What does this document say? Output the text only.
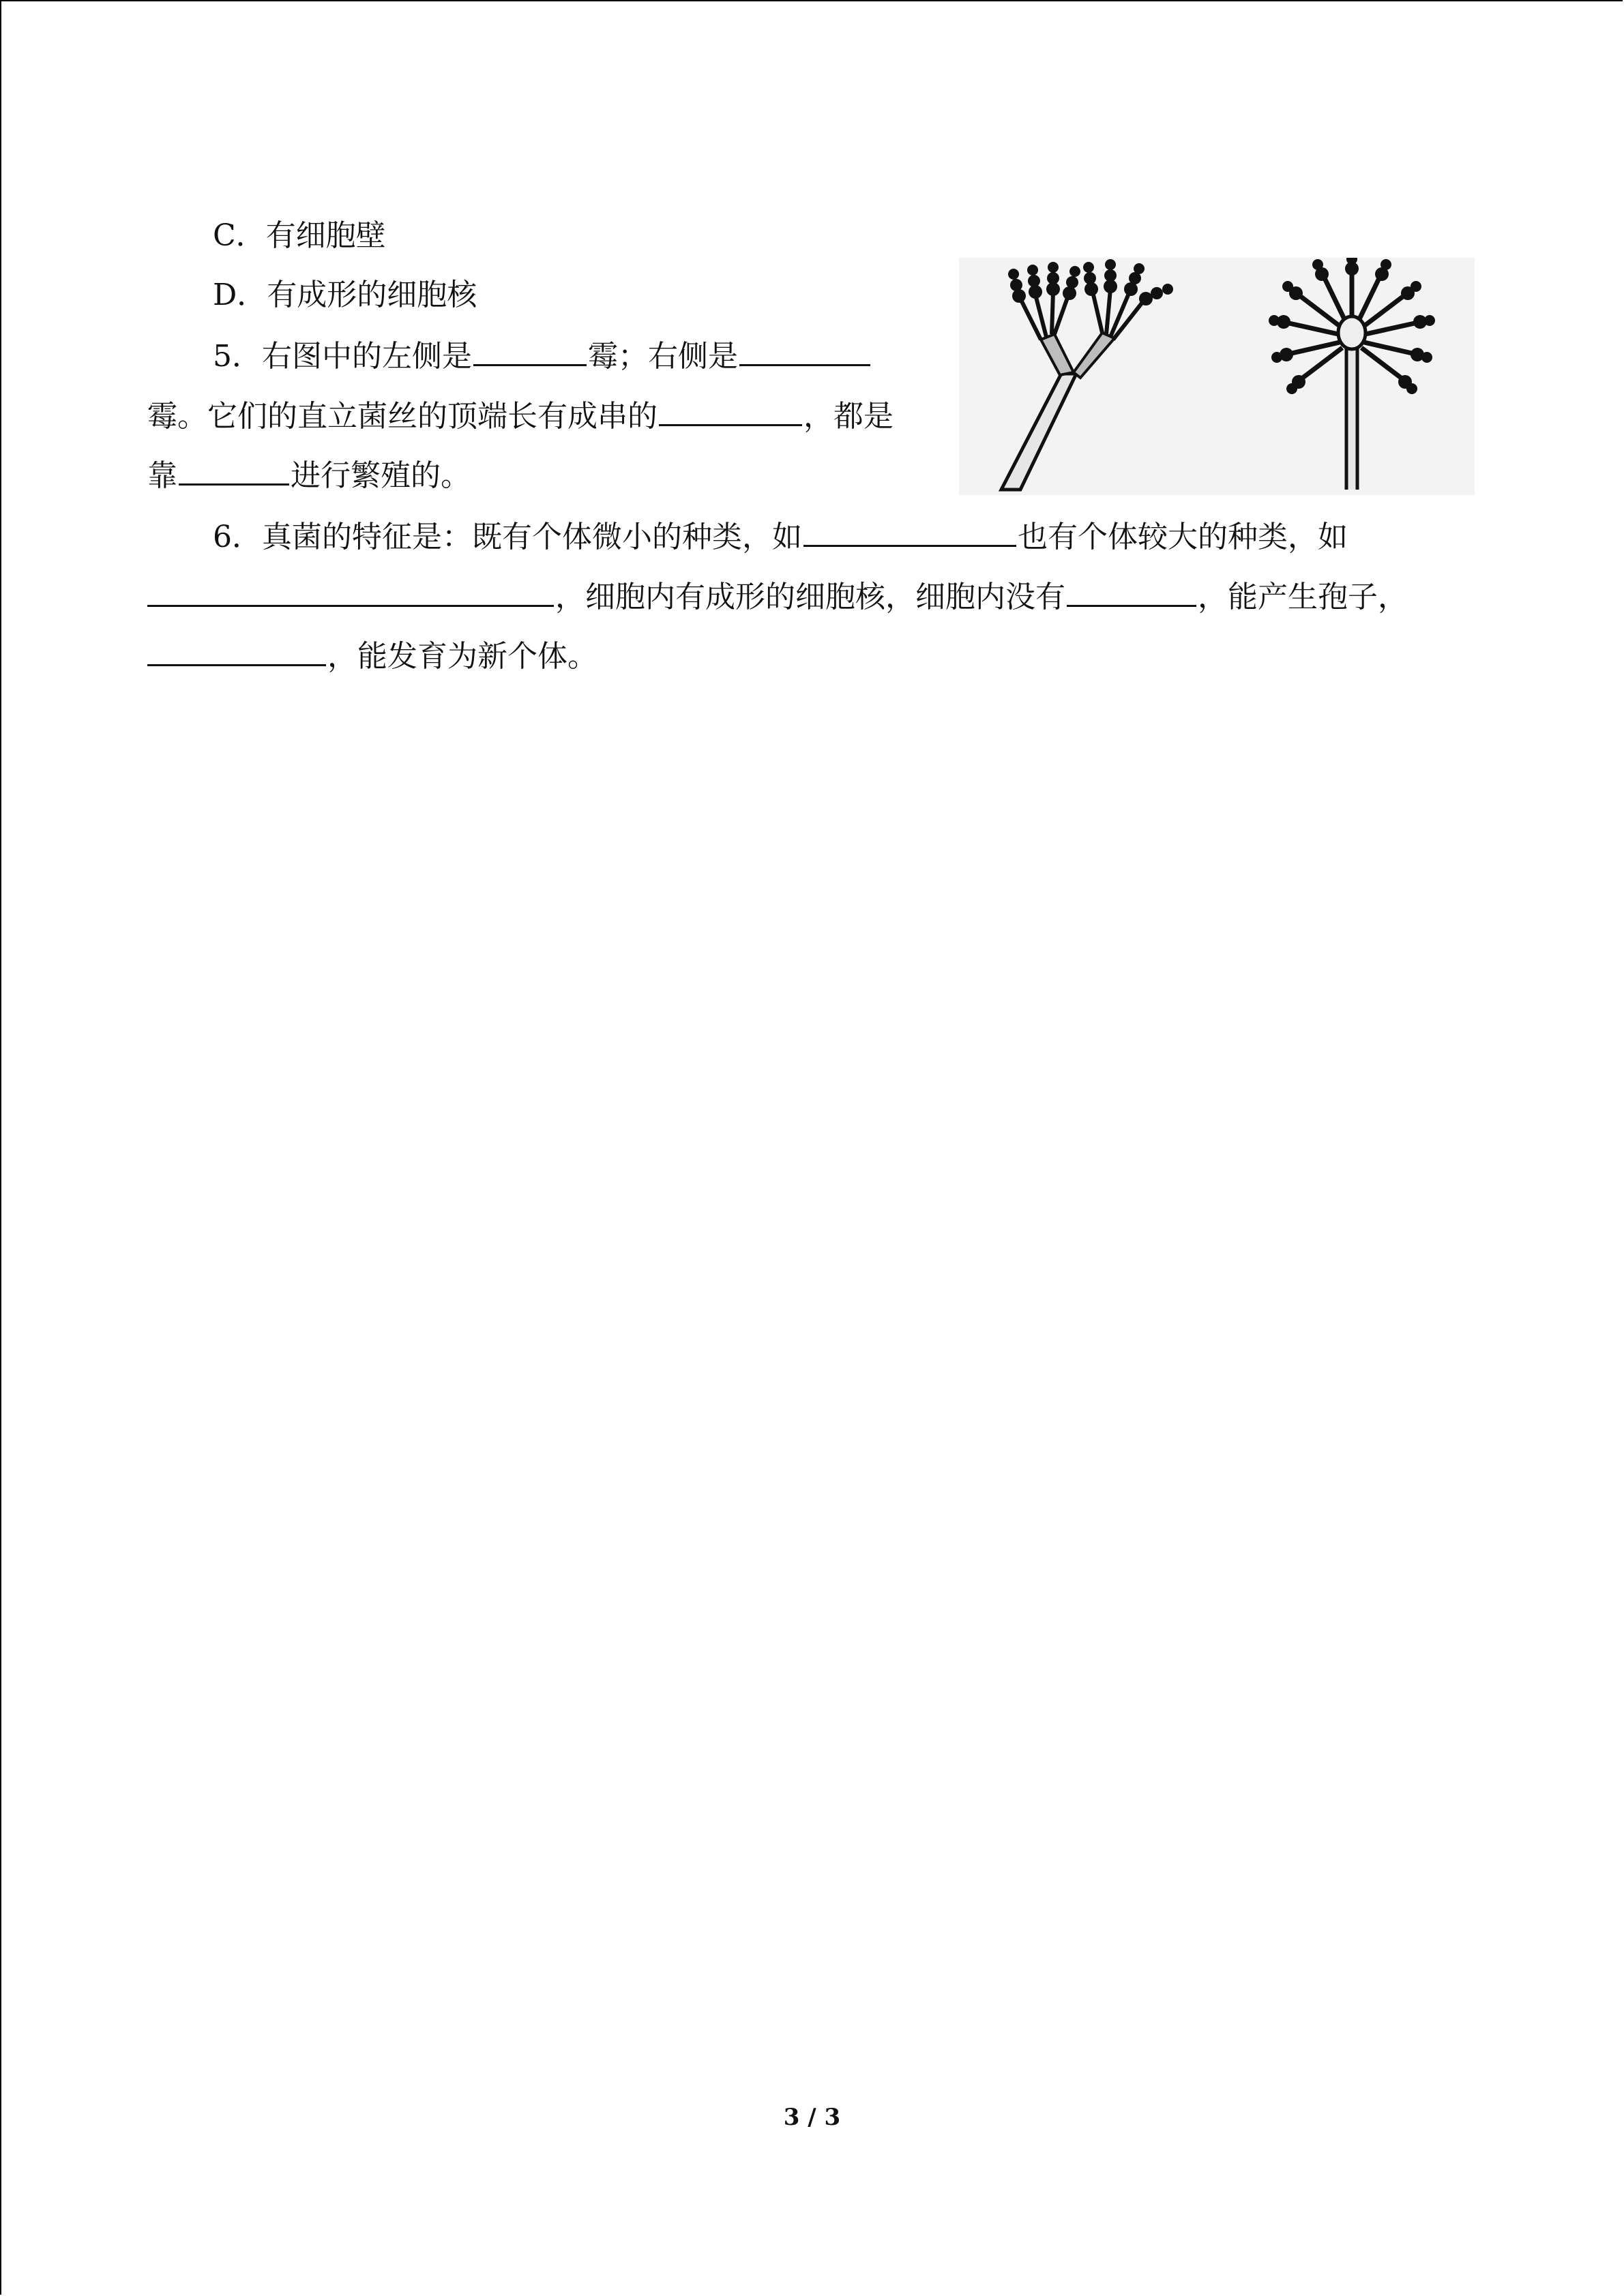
C．有细胞壁
D．有成形的细胞核
5．右图中的左侧是	霉；右侧是
霉。它们的直立菌丝的顶端长有成串的	，都是
靠	进行繁殖的。
6．真菌的特征是：既有个体微小的种类，如	也有个体较大的种类，如
，细胞内有成形的细胞核，细胞内没有	，能产生孢子，
，能发育为新个体。
3 / 3
